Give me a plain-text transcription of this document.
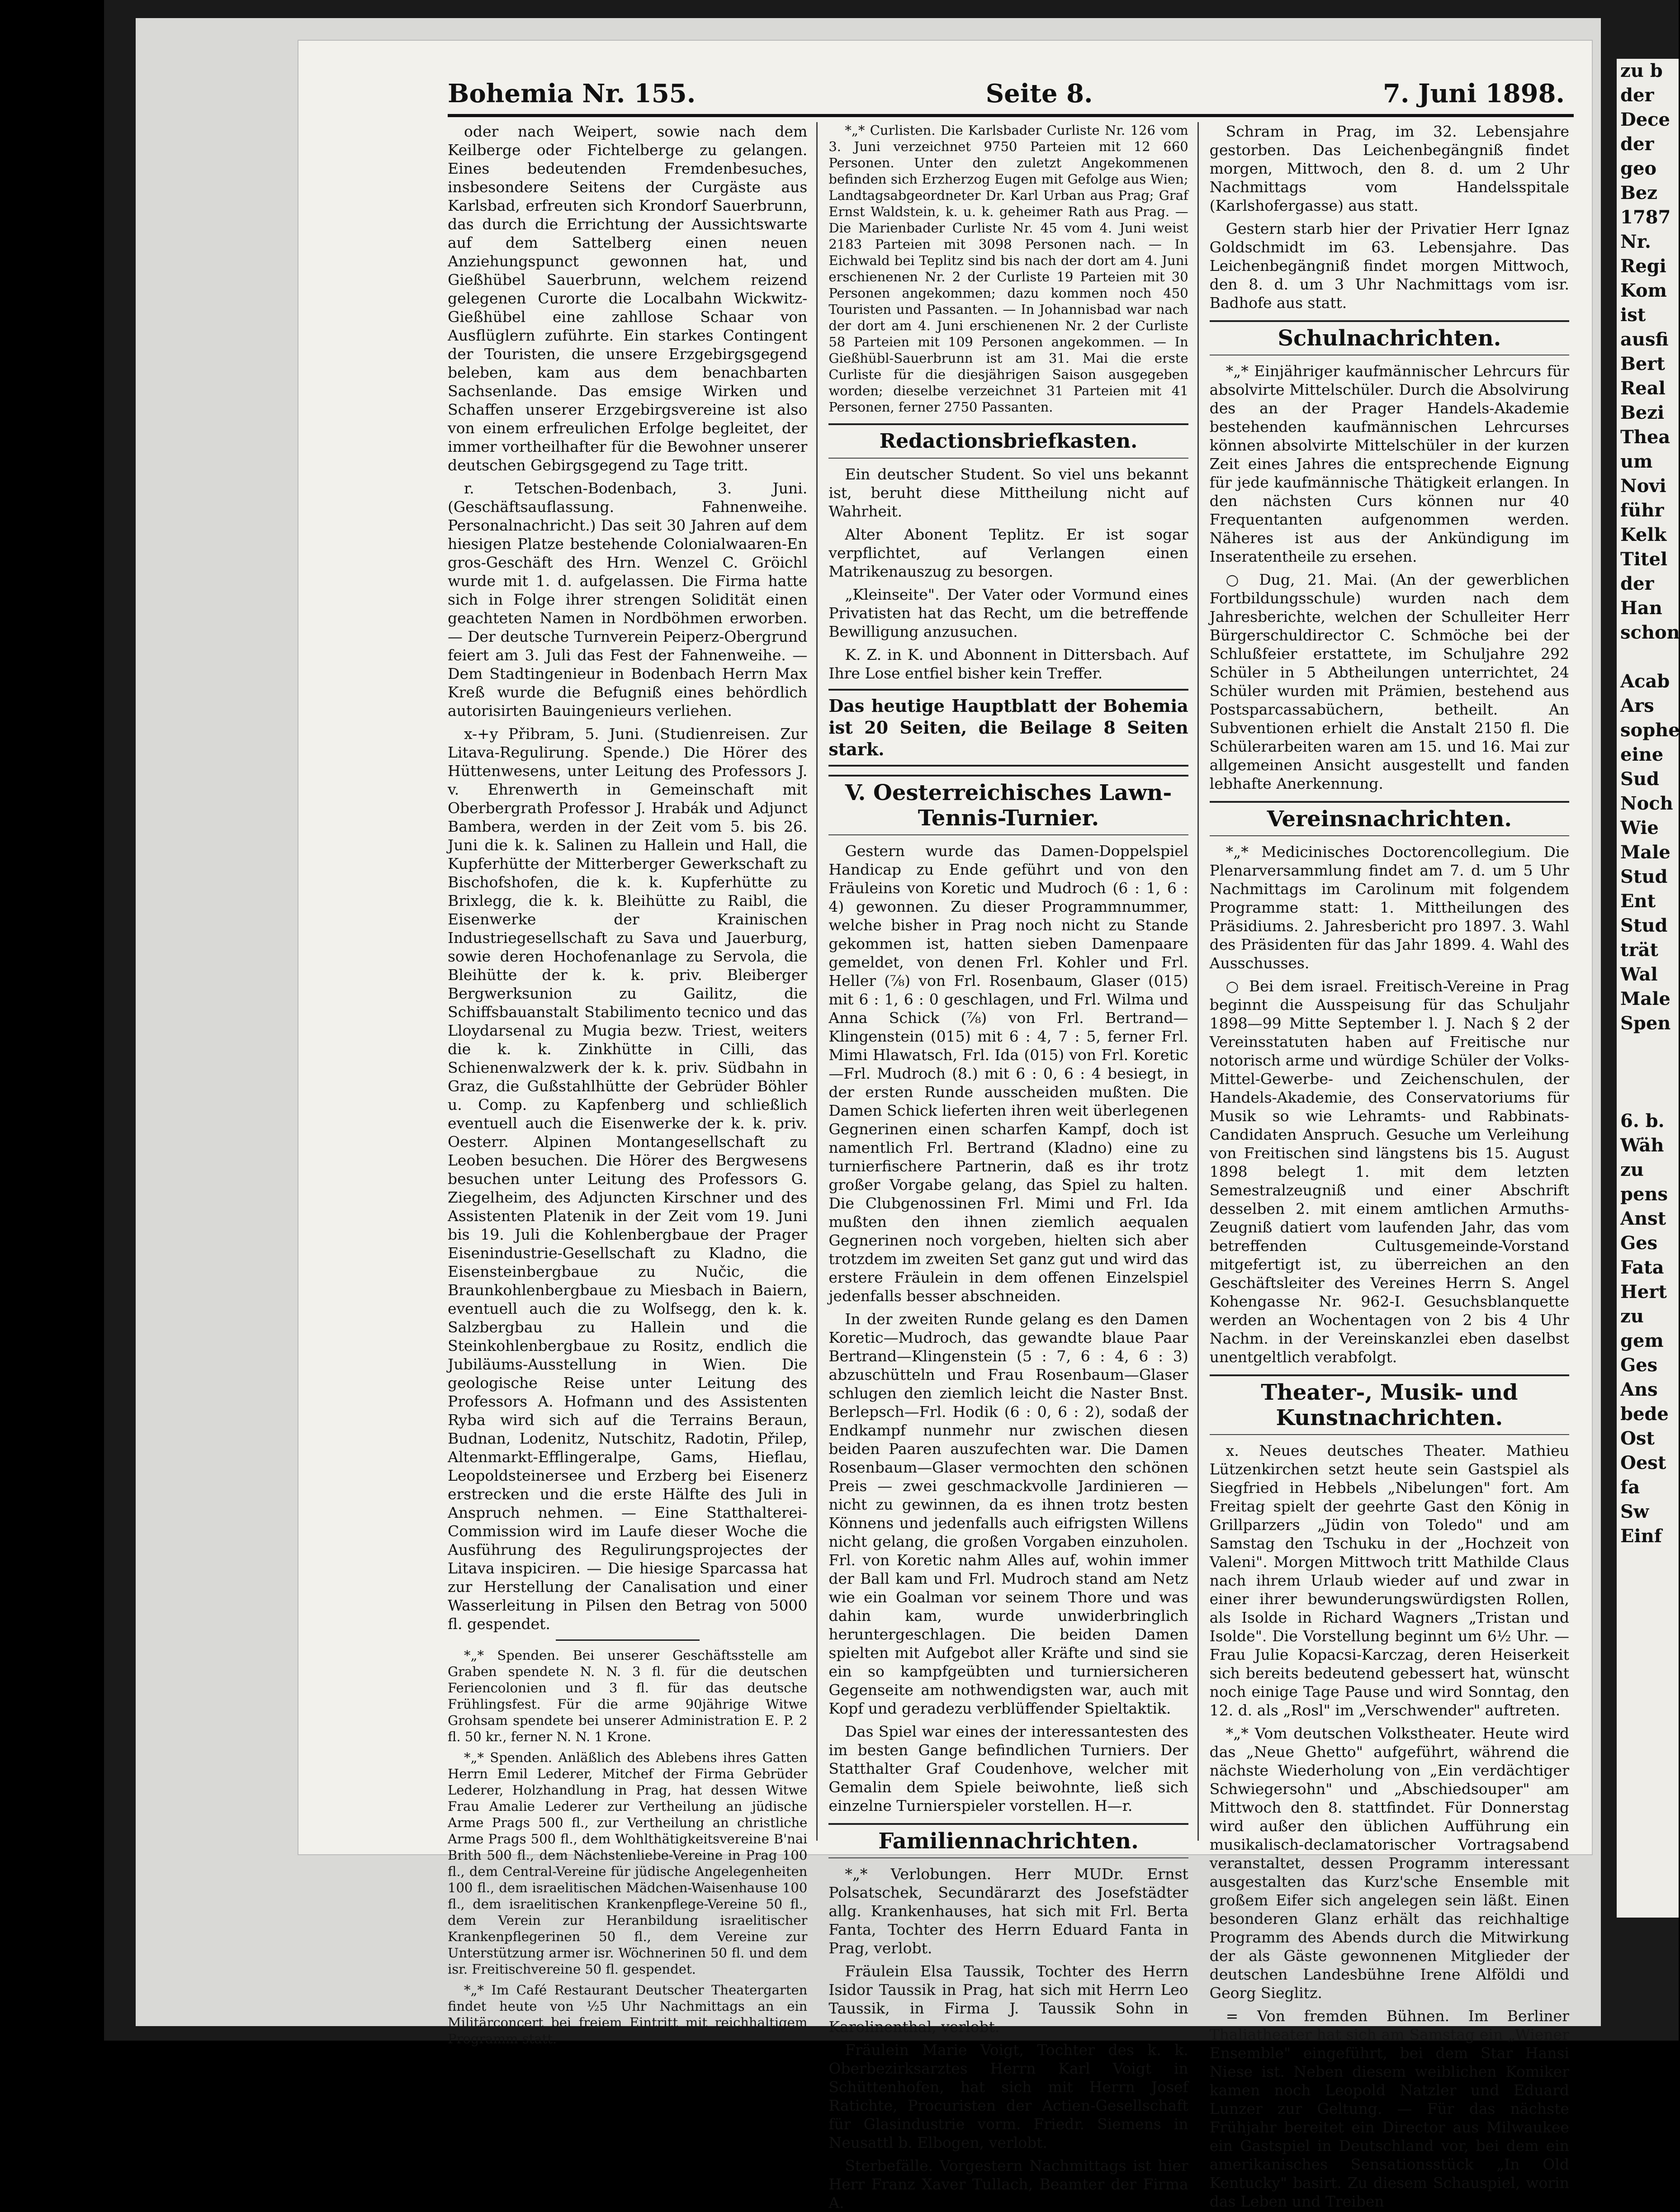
Bohemia Nr. 155.	Seite 8.	7. Juni 1898.

oder nach Weipert, sowie nach dem Keilberge oder Fichtelberge zu gelangen. Eines bedeutenden Fremdenbesuches, insbesondere Seitens der Curgäste aus Karlsbad, erfreuten sich Krondorf Sauerbrunn, das durch die Errichtung der Aussichtswarte auf dem Sattelberg einen neuen Anziehungspunct gewonnen hat, und Gießhübel Sauerbrunn, welchem reizend gelegenen Curorte die Localbahn Wickwitz-Gießhübel eine zahllose Schaar von Ausflüglern zuführte. Ein starkes Contingent der Touristen, die unsere Erzgebirgsgegend beleben, kam aus dem benachbarten Sachsenlande. Das emsige Wirken und Schaffen unserer Erzgebirgsvereine ist also von einem erfreulichen Erfolge begleitet, der immer vortheilhafter für die Bewohner unserer deutschen Gebirgsgegend zu Tage tritt.

r. Tetschen-Bodenbach, 3. Juni. (Geschäftsauflassung. Fahnenweihe. Personalnachricht.) Das seit 30 Jahren auf dem hiesigen Platze bestehende Colonialwaaren-En gros-Geschäft des Hrn. Wenzel C. Gröichl wurde mit 1. d. aufgelassen. Die Firma hatte sich in Folge ihrer strengen Solidität einen geachteten Namen in Nordböhmen erworben. — Der deutsche Turnverein Peiperz-Obergrund feiert am 3. Juli das Fest der Fahnenweihe. — Dem Stadtingenieur in Bodenbach Herrn Max Kreß wurde die Befugniß eines behördlich autorisirten Bauingenieurs verliehen.

x-+y Přibram, 5. Juni. (Studienreisen. Zur Litava-Regulirung. Spende.) Die Hörer des Hüttenwesens, unter Leitung des Professors J. v. Ehrenwerth in Gemeinschaft mit Oberbergrath Professor J. Hrabák und Adjunct Bambera, werden in der Zeit vom 5. bis 26. Juni die k. k. Salinen zu Hallein und Hall, die Kupferhütte der Mitterberger Gewerkschaft zu Bischofshofen, die k. k. Kupferhütte zu Brixlegg, die k. k. Bleihütte zu Raibl, die Eisenwerke der Krainischen Industriegesellschaft zu Sava und Jauerburg, sowie deren Hochofenanlage zu Servola, die Bleihütte der k. k. priv. Bleiberger Bergwerksunion zu Gailitz, die Schiffsbauanstalt Stabilimento tecnico und das Lloydarsenal zu Mugia bezw. Triest, weiters die k. k. Zinkhütte in Cilli, das Schienenwalzwerk der k. k. priv. Südbahn in Graz, die Gußstahlhütte der Gebrüder Böhler u. Comp. zu Kapfenberg und schließlich eventuell auch die Eisenwerke der k. k. priv. Oesterr. Alpinen Montangesellschaft zu Leoben besuchen. Die Hörer des Bergwesens besuchen unter Leitung des Professors G. Ziegelheim, des Adjuncten Kirschner und des Assistenten Platenik in der Zeit vom 19. Juni bis 19. Juli die Kohlenbergbaue der Prager Eisenindustrie-Gesellschaft zu Kladno, die Eisensteinbergbaue zu Nučic, die Braunkohlenbergbaue zu Miesbach in Baiern, eventuell auch die zu Wolfsegg, den k. k. Salzbergbau zu Hallein und die Steinkohlenbergbaue zu Rositz, endlich die Jubiläums-Ausstellung in Wien. Die geologische Reise unter Leitung des Professors A. Hofmann und des Assistenten Ryba wird sich auf die Terrains Beraun, Budnan, Lodenitz, Nutschitz, Radotin, Přilep, Altenmarkt-Efflingeralpe, Gams, Hieflau, Leopoldsteinersee und Erzberg bei Eisenerz erstrecken und die erste Hälfte des Juli in Anspruch nehmen. — Eine Statthalterei-Commission wird im Laufe dieser Woche die Ausführung des Regulirungsprojectes der Litava inspiciren. — Die hiesige Sparcassa hat zur Herstellung der Canalisation und einer Wasserleitung in Pilsen den Betrag von 5000 fl. gespendet.

*„* Spenden. Bei unserer Geschäftsstelle am Graben spendete N. N. 3 fl. für die deutschen Feriencolonien und 3 fl. für das deutsche Frühlingsfest. Für die arme 90jährige Witwe Grohsam spendete bei unserer Administration E. P. 2 fl. 50 kr., ferner N. N. 1 Krone.

*„* Spenden. Anläßlich des Ablebens ihres Gatten Herrn Emil Lederer, Mitchef der Firma Gebrüder Lederer, Holzhandlung in Prag, hat dessen Witwe Frau Amalie Lederer zur Vertheilung an jüdische Arme Prags 500 fl., zur Vertheilung an christliche Arme Prags 500 fl., dem Wohlthätigkeitsvereine B'nai Brith 500 fl., dem Nächstenliebe-Vereine in Prag 100 fl., dem Central-Vereine für jüdische Angelegenheiten 100 fl., dem israelitischen Mädchen-Waisenhause 100 fl., dem israelitischen Krankenpflege-Vereine 50 fl., dem Verein zur Heranbildung israelitischer Krankenpflegerinen 50 fl., dem Vereine zur Unterstützung armer isr. Wöchnerinen 50 fl. und dem isr. Freitischvereine 50 fl. gespendet.

*„* Im Café Restaurant Deutscher Theatergarten findet heute von ½5 Uhr Nachmittags an ein Militärconcert bei freiem Eintritt mit reichhaltigem Programm statt.

*„* Curlisten. Die Karlsbader Curliste Nr. 126 vom 3. Juni verzeichnet 9750 Parteien mit 12 660 Personen. Unter den zuletzt Angekommenen befinden sich Erzherzog Eugen mit Gefolge aus Wien; Landtagsabgeordneter Dr. Karl Urban aus Prag; Graf Ernst Waldstein, k. u. k. geheimer Rath aus Prag. — Die Marienbader Curliste Nr. 45 vom 4. Juni weist 2183 Parteien mit 3098 Personen nach. — In Eichwald bei Teplitz sind bis nach der dort am 4. Juni erschienenen Nr. 2 der Curliste 19 Parteien mit 30 Personen angekommen; dazu kommen noch 450 Touristen und Passanten. — In Johannisbad war nach der dort am 4. Juni erschienenen Nr. 2 der Curliste 58 Parteien mit 109 Personen angekommen. — In Gießhübl-Sauerbrunn ist am 31. Mai die erste Curliste für die diesjährigen Saison ausgegeben worden; dieselbe verzeichnet 31 Parteien mit 41 Personen, ferner 2750 Passanten.

Redactionsbriefkasten.

Ein deutscher Student. So viel uns bekannt ist, beruht diese Mittheilung nicht auf Wahrheit.

Alter Abonent Teplitz. Er ist sogar verpflichtet, auf Verlangen einen Matrikenauszug zu besorgen.

„Kleinseite". Der Vater oder Vormund eines Privatisten hat das Recht, um die betreffende Bewilligung anzusuchen.

K. Z. in K. und Abonnent in Dittersbach. Auf Ihre Lose entfiel bisher kein Treffer.

Das heutige Hauptblatt der Bohemia ist 20 Seiten, die Beilage 8 Seiten stark.
V. Oesterreichisches Lawn-Tennis-Turnier.

Gestern wurde das Damen-Doppelspiel Handicap zu Ende geführt und von den Fräuleins von Koretic und Mudroch (6 : 1, 6 : 4) gewonnen. Zu dieser Programmnummer, welche bisher in Prag noch nicht zu Stande gekommen ist, hatten sieben Damenpaare gemeldet, von denen Frl. Kohler und Frl. Heller (⅞) von Frl. Rosenbaum, Glaser (015) mit 6 : 1, 6 : 0 geschlagen, und Frl. Wilma und Anna Schick (⅞) von Frl. Bertrand—Klingenstein (015) mit 6 : 4, 7 : 5, ferner Frl. Mimi Hlawatsch, Frl. Ida (015) von Frl. Koretic—Frl. Mudroch (8.) mit 6 : 0, 6 : 4 besiegt, in der ersten Runde ausscheiden mußten. Die Damen Schick lieferten ihren weit überlegenen Gegnerinen einen scharfen Kampf, doch ist namentlich Frl. Bertrand (Kladno) eine zu turnierfischere Partnerin, daß es ihr trotz großer Vorgabe gelang, das Spiel zu halten. Die Clubgenossinen Frl. Mimi und Frl. Ida mußten den ihnen ziemlich aequalen Gegnerinen noch vorgeben, hielten sich aber trotzdem im zweiten Set ganz gut und wird das erstere Fräulein in dem offenen Einzelspiel jedenfalls besser abschneiden.

In der zweiten Runde gelang es den Damen Koretic—Mudroch, das gewandte blaue Paar Bertrand—Klingenstein (5 : 7, 6 : 4, 6 : 3) abzuschütteln und Frau Rosenbaum—Glaser schlugen den ziemlich leicht die Naster Bnst. Berlepsch—Frl. Hodik (6 : 0, 6 : 2), sodaß der Endkampf nunmehr nur zwischen diesen beiden Paaren auszufechten war. Die Damen Rosenbaum—Glaser vermochten den schönen Preis — zwei geschmackvolle Jardinieren — nicht zu gewinnen, da es ihnen trotz besten Könnens und jedenfalls auch eifrigsten Willens nicht gelang, die großen Vorgaben einzuholen. Frl. von Koretic nahm Alles auf, wohin immer der Ball kam und Frl. Mudroch stand am Netz wie ein Goalman vor seinem Thore und was dahin kam, wurde unwiderbringlich heruntergeschlagen. Die beiden Damen spielten mit Aufgebot aller Kräfte und sind sie ein so kampfgeübten und turniersicheren Gegenseite am nothwendigsten war, auch mit Kopf und geradezu verblüffender Spieltaktik.

Das Spiel war eines der interessantesten des im besten Gange befindlichen Turniers. Der Statthalter Graf Coudenhove, welcher mit Gemalin dem Spiele beiwohnte, ließ sich einzelne Turnierspieler vorstellen. H—r.

Familiennachrichten.

*„* Verlobungen. Herr MUDr. Ernst Polsatschek, Secundärarzt des Josefstädter allg. Krankenhauses, hat sich mit Frl. Berta Fanta, Tochter des Herrn Eduard Fanta in Prag, verlobt.

Fräulein Elsa Taussik, Tochter des Herrn Isidor Taussik in Prag, hat sich mit Herrn Leo Taussik, in Firma J. Taussik Sohn in Karolinenthal, verlobt.

Fräulein Marie Voigt, Tochter des k. k. Oberbezirksarztes Herrn Karl Voigt in Schüttenhofen, hat sich mit Herrn Josef Ratichte, Procuristen der Actien-Gesellschaft für Glasindustrie vorm. Friedr. Siemens in Neusattl b. Elbogen, verlobt.

Sterbefälle. Vorgestern Nachmittags ist hier Herr Franz Xaver Tullach, Beamter der Firma A.

Schram in Prag, im 32. Lebensjahre gestorben. Das Leichenbegängniß findet morgen, Mittwoch, den 8. d. um 2 Uhr Nachmittags vom Handelsspitale (Karlshofergasse) aus statt.

Gestern starb hier der Privatier Herr Ignaz Goldschmidt im 63. Lebensjahre. Das Leichenbegängniß findet morgen Mittwoch, den 8. d. um 3 Uhr Nachmittags vom isr. Badhofe aus statt.

Schulnachrichten.

*„* Einjähriger kaufmännischer Lehrcurs für absolvirte Mittelschüler. Durch die Absolvirung des an der Prager Handels-Akademie bestehenden kaufmännischen Lehrcurses können absolvirte Mittelschüler in der kurzen Zeit eines Jahres die entsprechende Eignung für jede kaufmännische Thätigkeit erlangen. In den nächsten Curs können nur 40 Frequentanten aufgenommen werden. Näheres ist aus der Ankündigung im Inseratentheile zu ersehen.

○ Dug, 21. Mai. (An der gewerblichen Fortbildungsschule) wurden nach dem Jahresberichte, welchen der Schulleiter Herr Bürgerschuldirector C. Schmöche bei der Schlußfeier erstattete, im Schuljahre 292 Schüler in 5 Abtheilungen unterrichtet, 24 Schüler wurden mit Prämien, bestehend aus Postsparcassabüchern, betheilt. An Subventionen erhielt die Anstalt 2150 fl. Die Schülerarbeiten waren am 15. und 16. Mai zur allgemeinen Ansicht ausgestellt und fanden lebhafte Anerkennung.

Vereinsnachrichten.

*„* Medicinisches Doctorencollegium. Die Plenarversammlung findet am 7. d. um 5 Uhr Nachmittags im Carolinum mit folgendem Programme statt: 1. Mittheilungen des Präsidiums. 2. Jahresbericht pro 1897. 3. Wahl des Präsidenten für das Jahr 1899. 4. Wahl des Ausschusses.

○ Bei dem israel. Freitisch-Vereine in Prag beginnt die Ausspeisung für das Schuljahr 1898—99 Mitte September l. J. Nach § 2 der Vereinsstatuten haben auf Freitische nur notorisch arme und würdige Schüler der Volks-Mittel-Gewerbe- und Zeichenschulen, der Handels-Akademie, des Conservatoriums für Musik so wie Lehramts- und Rabbinats-Candidaten Anspruch. Gesuche um Verleihung von Freitischen sind längstens bis 15. August 1898 belegt 1. mit dem letzten Semestralzeugniß und einer Abschrift desselben 2. mit einem amtlichen Armuths-Zeugniß datiert vom laufenden Jahr, das vom betreffenden Cultusgemeinde-Vorstand mitgefertigt ist, zu überreichen an den Geschäftsleiter des Vereines Herrn S. Angel Kohengasse Nr. 962-I. Gesuchsblanquette werden an Wochentagen von 2 bis 4 Uhr Nachm. in der Vereinskanzlei eben daselbst unentgeltlich verabfolgt.

Theater-, Musik- und Kunstnachrichten.

x. Neues deutsches Theater. Mathieu Lützenkirchen setzt heute sein Gastspiel als Siegfried in Hebbels „Nibelungen" fort. Am Freitag spielt der geehrte Gast den König in Grillparzers „Jüdin von Toledo" und am Samstag den Tschuku in der „Hochzeit von Valeni". Morgen Mittwoch tritt Mathilde Claus nach ihrem Urlaub wieder auf und zwar in einer ihrer bewunderungswürdigsten Rollen, als Isolde in Richard Wagners „Tristan und Isolde". Die Vorstellung beginnt um 6½ Uhr. — Frau Julie Kopacsi-Karczag, deren Heiserkeit sich bereits bedeutend gebessert hat, wünscht noch einige Tage Pause und wird Sonntag, den 12. d. als „Rosl" im „Verschwender" auftreten.

*„* Vom deutschen Volkstheater. Heute wird das „Neue Ghetto" aufgeführt, während die nächste Wiederholung von „Ein verdächtiger Schwiegersohn" und „Abschiedsouper" am Mittwoch den 8. stattfindet. Für Donnerstag wird außer den üblichen Aufführung ein musikalisch-declamatorischer Vortragsabend veranstaltet, dessen Programm interessant ausgestalten das Kurz'sche Ensemble mit großem Eifer sich angelegen sein läßt. Einen besonderen Glanz erhält das reichhaltige Programm des Abends durch die Mitwirkung der als Gäste gewonnenen Mitglieder der deutschen Landesbühne Irene Alföldi und Georg Sieglitz.

= Von fremden Bühnen. Im Berliner Thaliatheater hat sich am Samstag ein „Wiener Ensemble" eingeführt, bei dem Star Hansi Niese ist. Neben diesem weiblichen Komiker kamen noch Leopold Natzler und Eduard Lunzer zur Geltung. — Für das nächste Frühjahr bereitet ein Director aus Milwaukee ein Gastspiel in Deutschland vor, bei dem ein amerikanisches Sensationsstück „In Old Kentucky" basirt. Zu diesem Schauspiel, worin das Leben und Treiben

zu b
der
Dece
der
geo
Bez
1787
Nr.
Regi
Kom
ist
ausfi
Bert
Real
Bezi
Thea
um
Novi
führ
Kelk
Titel
der
Han
schon
Acab
Ars
sophe
eine
Sud
Noch
Wie
Male
Stud
Ent
Stud
trät
Wal
Male
Spen
6. b.
Wäh
zu
pens
Anst
Ges
Fata
Hert
zu
gem
Ges
Ans
bede
Ost
Oest
fa
Sw
Einf
